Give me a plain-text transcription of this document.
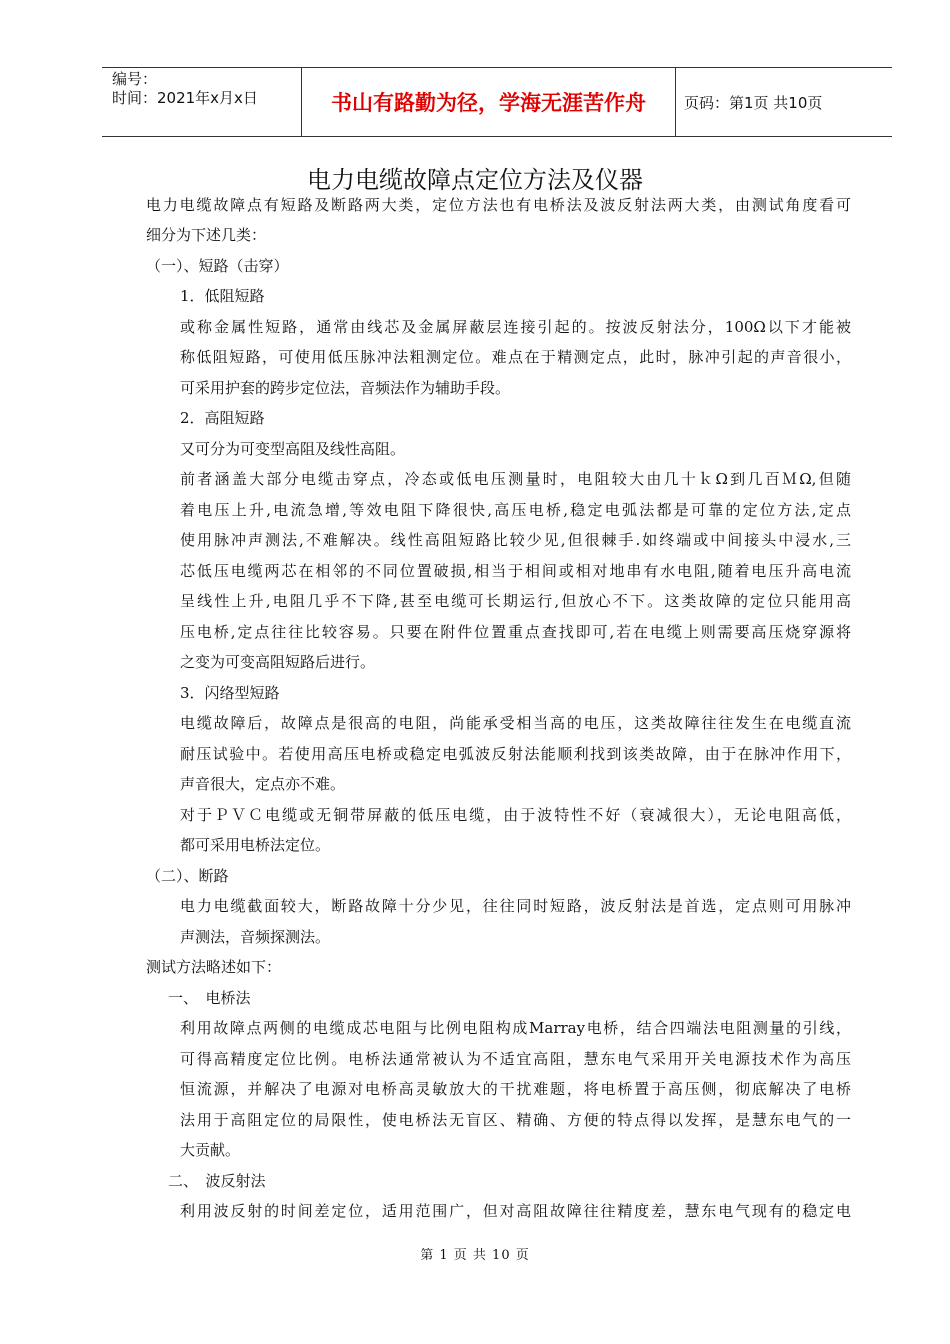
编号：
时间：2021年x月x日	书山有路勤为径，学海无涯苦作舟	页码：第1页 共10页
电力电缆故障点定位方法及仪器
电力电缆故障点有短路及断路两大类，定位方法也有电桥法及波反射法两大类，由测试角度看可
细分为下述几类：
（一）、短路（击穿）
1．低阻短路
或称金属性短路，通常由线芯及金属屏蔽层连接引起的。按波反射法分，100Ω以下才能被
称低阻短路，可使用低压脉冲法粗测定位。难点在于精测定点，此时，脉冲引起的声音很小，
可采用护套的跨步定位法，音频法作为辅助手段。
2．高阻短路
又可分为可变型高阻及线性高阻。
前者涵盖大部分电缆击穿点，冷态或低电压测量时，电阻较大由几十ｋΩ到几百ＭΩ,但随
着电压上升,电流急增,等效电阻下降很快,高压电桥,稳定电弧法都是可靠的定位方法,定点
使用脉冲声测法,不难解决。线性高阻短路比较少见,但很棘手.如终端或中间接头中浸水,三
芯低压电缆两芯在相邻的不同位置破损,相当于相间或相对地串有水电阻,随着电压升高电流
呈线性上升,电阻几乎不下降,甚至电缆可长期运行,但放心不下。这类故障的定位只能用高
压电桥,定点往往比较容易。只要在附件位置重点查找即可,若在电缆上则需要高压烧穿源将
之变为可变高阻短路后进行。
3．闪络型短路
电缆故障后，故障点是很高的电阻，尚能承受相当高的电压，这类故障往往发生在电缆直流
耐压试验中。若使用高压电桥或稳定电弧波反射法能顺利找到该类故障，由于在脉冲作用下，
声音很大，定点亦不难。
对于ＰＶＣ电缆或无铜带屏蔽的低压电缆，由于波特性不好（衰减很大），无论电阻高低，
都可采用电桥法定位。
（二）、断路
电力电缆截面较大，断路故障十分少见，往往同时短路，波反射法是首选，定点则可用脉冲
声测法，音频探测法。
测试方法略述如下：
一、　电桥法
利用故障点两侧的电缆成芯电阻与比例电阻构成Marray电桥，结合四端法电阻测量的引线，
可得高精度定位比例。电桥法通常被认为不适宜高阻，慧东电气采用开关电源技术作为高压
恒流源，并解决了电源对电桥高灵敏放大的干扰难题，将电桥置于高压侧，彻底解决了电桥
法用于高阻定位的局限性，使电桥法无盲区、精确、方便的特点得以发挥，是慧东电气的一
大贡献。
二、　波反射法
利用波反射的时间差定位，适用范围广，但对高阻故障往往精度差，慧东电气现有的稳定电
第 1 页 共 10 页
